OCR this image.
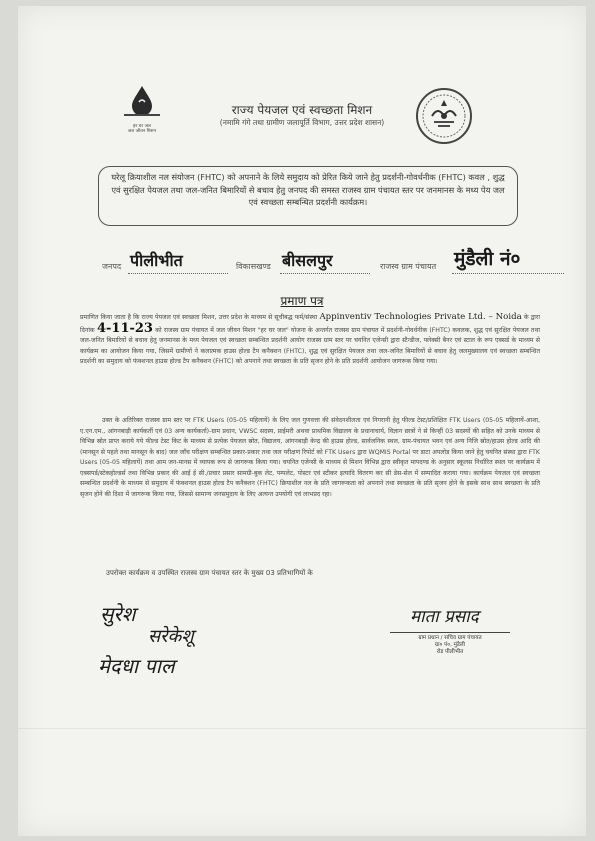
हर घर जल
जल जीवन मिशन
राज्य पेयजल एवं स्वच्छता मिशन
(नमामि गंगे तथा ग्रामीण जलापूर्ति विभाग, उत्तर प्रदेश शासन)
घरेलू क्रियाशील नल संयोजन (FHTC) को अपनाने के लिये समुदाय को प्रेरित किये जाने हेतु प्रदर्शनी-गोवर्धनीक (FHTC) कवल , शुद्ध एवं सुरक्षित पेयजल तथा जल-जनित बिमारियों से बचाव हेतु जनपद की समस्त राजस्व ग्राम पंचायत स्तर पर जनमानस के मध्य पेय जल एवं स्वच्छता सम्बन्धित प्रदर्शनी कार्यक्रम।
जनपद पीलीभीत	विकासखण्ड बीसलपुर	राजस्व ग्राम पंचायत मुंडैली नं०
प्रमाण पत्र
प्रमाणित किया जाता है कि राज्य पेयजल एवं स्वच्छता मिशन, उत्तर प्रदेश के माध्यम से सूचीबद्ध फर्म/संस्था Appinventiv Technologies Private Ltd. – Noida के द्वारा दिनांक 4-11-23 को राजस्व ग्राम पंचायत में जल जीवन मिशन "हर घर जल" योजना के अन्तर्गत राजस्व ग्राम पंचायत में प्रदर्शनी-गोवर्धनीक (FHTC) कवलक, शुद्ध एवं सुरक्षित पेयजल तथा जल-जनित बिमारियों से बचाव हेतु जनमानस के मध्य पेयजल एवं स्वच्छता सम्बन्धित प्रदर्शनी आयोग राजस्व ग्राम स्तर पर चयनित एजेन्सी द्वारा स्टैन्डीज, फ्लेक्सी बैनर एवं स्टाल के रूप एक्सर्ड के माध्यम से कार्यक्रम का आयोजन किया गया, जिसमें ग्रामीणों ने कलात्मक हाउस होल्ड टैप कनैक्शन (FHTC), शुद्ध एवं सुरक्षित पेयजल तथा जल-जनित बिमारियों से बचाव हेतु जलमुख्यालय एवं स्वच्छता सम्बन्धित प्रदर्शनी का समुदाय को फंक्शनल हाउस होल्ड टैप कनैक्शन (FHTC) को अपनाने तथा स्वच्छता के प्रति सृजन होने के प्रति प्रदर्शनी आयोजन जागरूक किया गया।
उक्त के अतिरिक्त राजस्व ग्राम स्तर पर FTK Users (05-05 महिलायें) के लिए जल गुणवत्ता की संवेदनशीलता एवं निगरानी हेतु फील्ड टेस्ट/प्रशिक्षित FTK Users (05-05 महिलायें-आशा, ए.एन.एम., आंगनबाड़ी कार्यकर्ती एवं 03 अन्य कार्यकर्ता)-ग्राम प्रधान, VWSC सदस्य, प्राईमरी अथवा प्राथमिक विद्यालय के प्रधानाचार्य, विज्ञान छात्रों ने से किन्हीं 03 सदस्यों की सहित को उनके माध्यम से विभिन्न स्रोत प्राप्त कराये गये फील्ड टेस्ट किट के माध्यम से प्रत्येक पेयजल स्रोत, विद्यालय, आंगनबाड़ी केन्द्र की हाउस होल्ड, सार्वजनिक स्थल, ग्राम-पंचायत भवन एवं अन्य निजि स्रोत/हाउस होल्ड आदि की (मानसून से पहले तथा मानसून के बाद) जल जाँच परीक्षण सम्बन्धित प्रकार-प्रकार तथा जल परीक्षण रिपोर्ट को FTK Users द्वारा WQMIS Portal पर डाटा अपलोड किया जाने हेतु चयनित संस्था द्वारा FTK Users (05-05 महिलायें) तथा आम जन-मानस में व्यापक रूप से जागरूक किया गया। चयनित एजेन्सी के माध्यम से मिशन विभिन्न द्वारा स्वीकृत मापदण्ड के अनुसार स्कूलस निर्धारित स्थल पर कार्यक्रम में एक्सपर्ड/स्टेकहोल्डर्स तथा विभिन्न प्रकार की आई ई सी./प्रचार प्रसार सामग्री-बुक लेट, पम्पलेट, पोस्टर एवं स्टीकर इत्यादि वितरण कर सी डेस-सेल में सम्पादित कराया गया। कार्यक्रम पेयजल एवं स्वच्छता सम्बन्धित प्रदर्शनी के माध्यम से समुदाय में फंक्शनल हाउस होल्ड टैप कनैक्शन (FHTC) क्रियाशील नल के प्रति जागरूकता को अपनाने तथा स्वच्छता के प्रति सृजन होने के इसके साथ साथ स्वच्छता के प्रति सृजन होने की दिशा में जागरूक किया गया, जिससे सामान्य जनसमुदाय के लिए अत्यन्त उपयोगी एवं लाभप्रद रहा।
उपरोक्त कार्यक्रम व उपस्थित राजस्व ग्राम पंचायत स्तर के मुख्य 03 प्रतिभागियों के
सुरेश
सरेकेशू
मेदधा पाल
माता प्रसाद
ग्राम प्रधान / सचिव ग्राम पंचायत
ग्रा० पं०, मुंडैली
रोड पीलीभीत
